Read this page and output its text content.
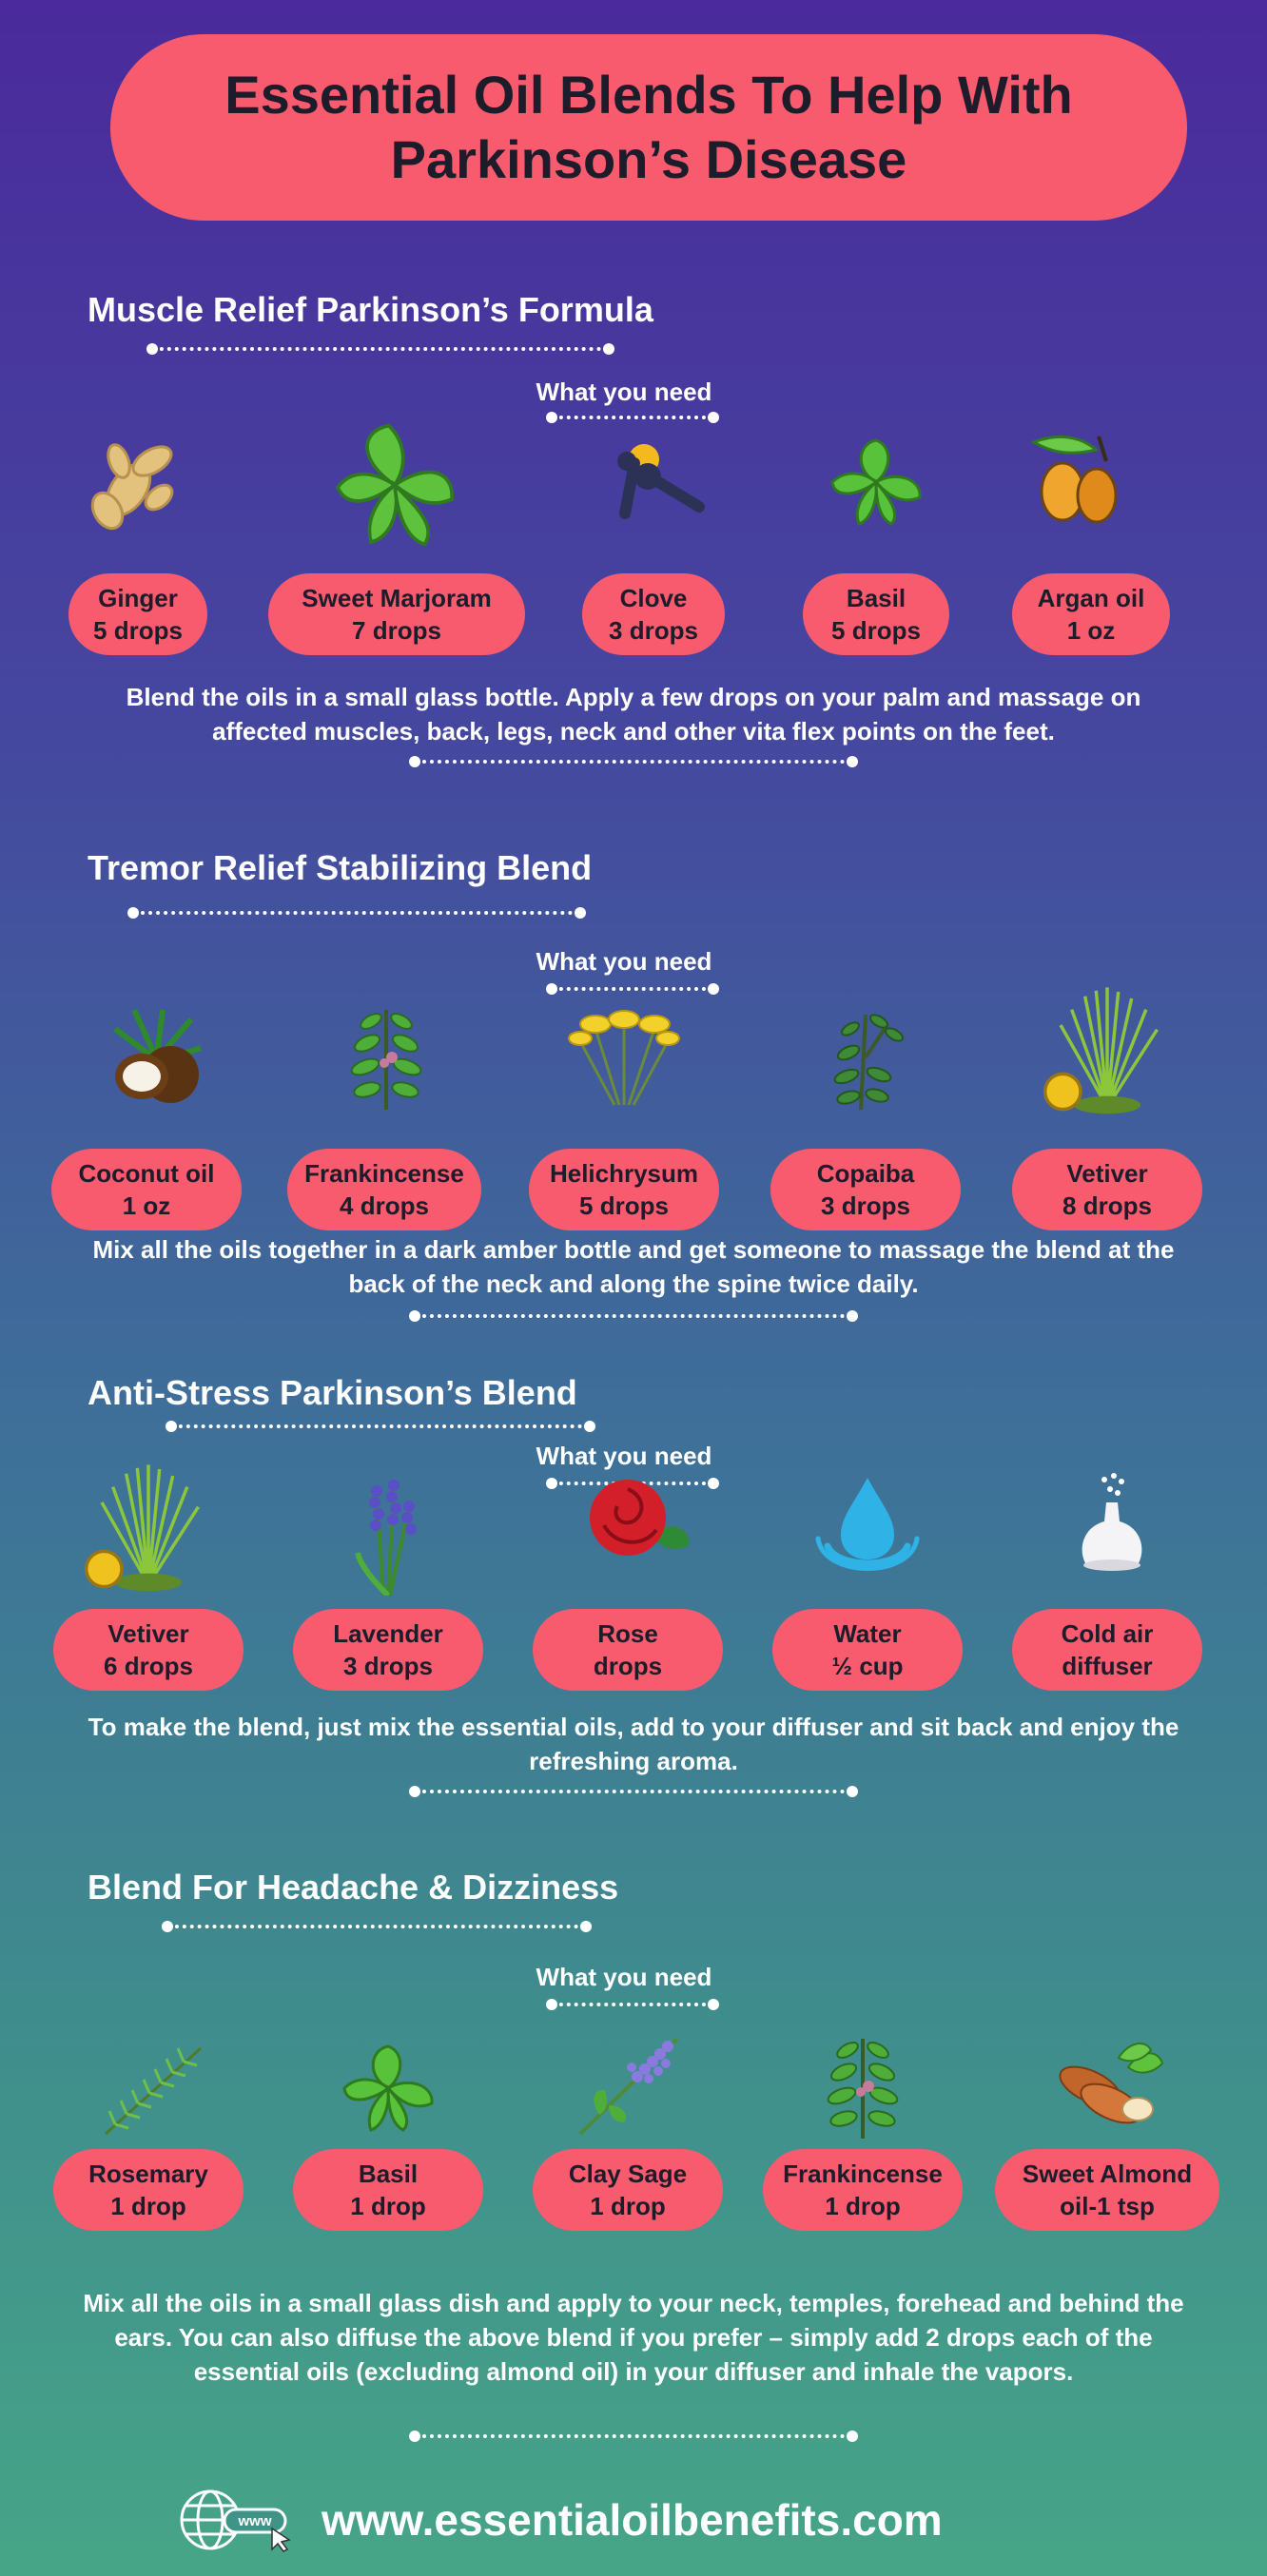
Essential Oil Blends To Help With Parkinson’s Disease
Muscle Relief Parkinson’s Formula
What you need
Ginger
5 drops
Sweet Marjoram
7 drops
Clove
3 drops
Basil
5 drops
Argan oil
1 oz
Blend the oils in a small glass bottle. Apply a few drops on your palm and massage on affected muscles, back, legs, neck and other vita flex points on the feet.
Tremor Relief Stabilizing Blend
What you need
Coconut oil
1 oz
Frankincense
4 drops
Helichrysum
5 drops
Copaiba
3 drops
Vetiver
8 drops
Mix all the oils together in a dark amber bottle and get someone to massage the blend at the back of the neck and along the spine twice daily.
Anti-Stress Parkinson’s Blend
What you need
Vetiver
6 drops
Lavender
3 drops
Rose
drops
Water
½ cup
Cold air
diffuser
To make the blend, just mix the essential oils, add to your diffuser and sit back and enjoy the refreshing aroma.
Blend For Headache & Dizziness
What you need
Rosemary
1 drop
Basil
1 drop
Clay Sage
1 drop
Frankincense
1 drop
Sweet Almond
oil-1 tsp
Mix all the oils in a small glass dish and apply to your neck, temples, forehead and behind the ears. You can also diffuse the above blend if you prefer – simply add 2 drops each of the essential oils (excluding almond oil) in your diffuser and inhale the vapors.
www www.essentialoilbenefits.com
